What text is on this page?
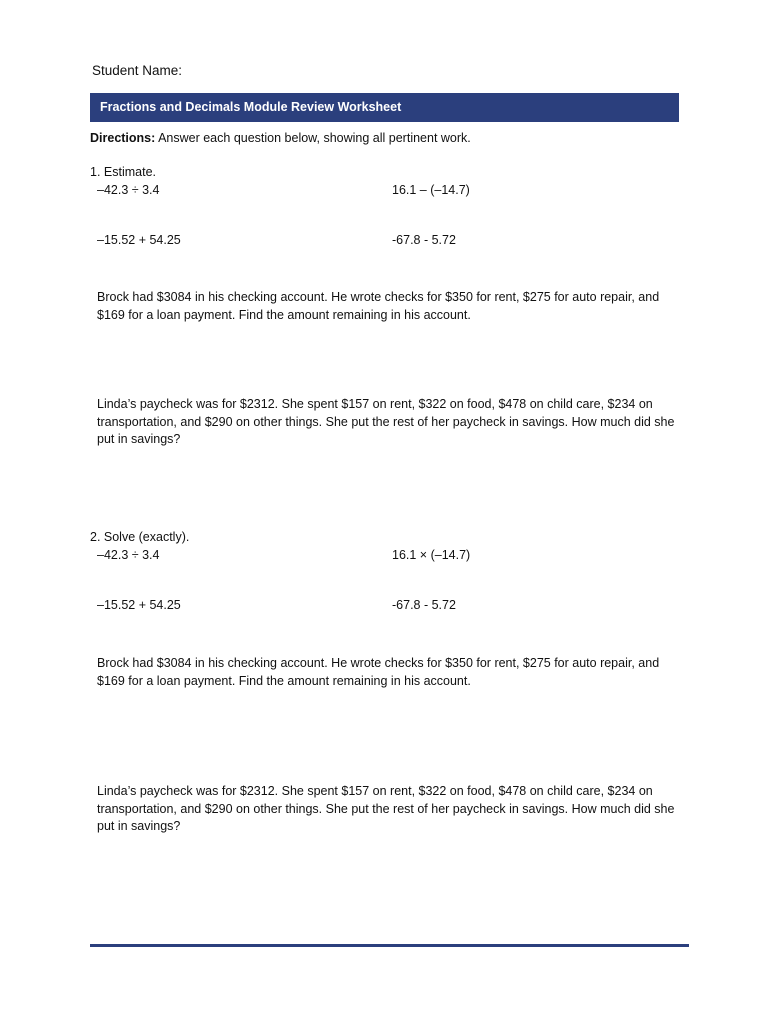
Student Name:
Fractions and Decimals Module Review Worksheet
Directions: Answer each question below, showing all pertinent work.
1. Estimate.
–42.3 ÷ 3.4	16.1 – (–14.7)
–15.52 + 54.25	-67.8 - 5.72
Brock had $3084 in his checking account. He wrote checks for $350 for rent, $275 for auto repair, and $169 for a loan payment. Find the amount remaining in his account.
Linda’s paycheck was for $2312. She spent $157 on rent, $322 on food, $478 on child care, $234 on transportation, and $290 on other things. She put the rest of her paycheck in savings. How much did she put in savings?
2. Solve (exactly).
–42.3 ÷ 3.4	16.1 × (–14.7)
–15.52 + 54.25	-67.8 - 5.72
Brock had $3084 in his checking account. He wrote checks for $350 for rent, $275 for auto repair, and $169 for a loan payment. Find the amount remaining in his account.
Linda’s paycheck was for $2312. She spent $157 on rent, $322 on food, $478 on child care, $234 on transportation, and $290 on other things. She put the rest of her paycheck in savings. How much did she put in savings?
